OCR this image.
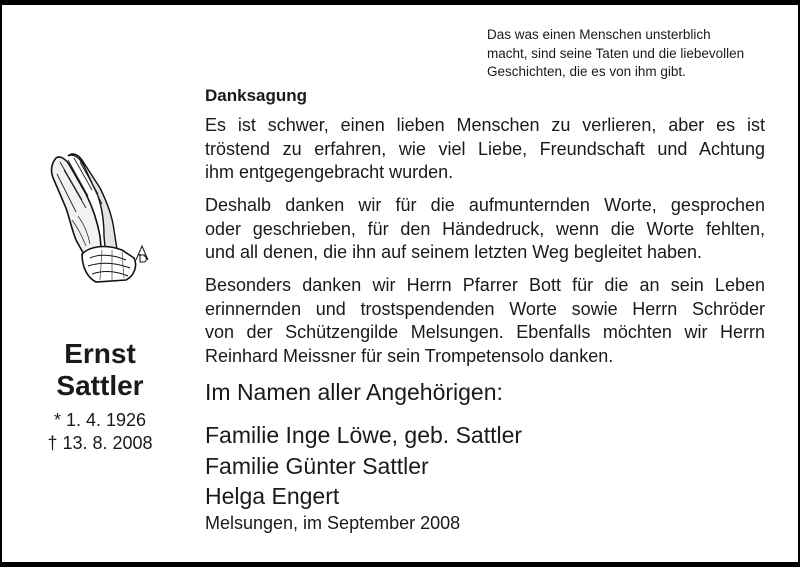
Das was einen Menschen unsterblich
macht, sind seine Taten und die liebevollen
Geschichten, die es von ihm gibt.
Danksagung
Es ist schwer, einen lieben Menschen zu verlieren, aber es ist
tröstend zu erfahren, wie viel Liebe, Freundschaft und Achtung
ihm entgegengebracht wurden.
Deshalb danken wir für die aufmunternden Worte, gesprochen
oder geschrieben, für den Händedruck, wenn die Worte fehlten,
und all denen, die ihn auf seinem letzten Weg begleitet haben.
Besonders danken wir Herrn Pfarrer Bott für die an sein Leben
erinnernden und trostspendenden Worte sowie Herrn Schröder
von der Schützengilde Melsungen. Ebenfalls möchten wir Herrn
Reinhard Meissner für sein Trompetensolo danken.
Im Namen aller Angehörigen:
Familie Inge Löwe, geb. Sattler
Familie Günter Sattler
Helga Engert
Melsungen, im September 2008
Ernst
Sattler
* 1. 4. 1926
† 13. 8. 2008
